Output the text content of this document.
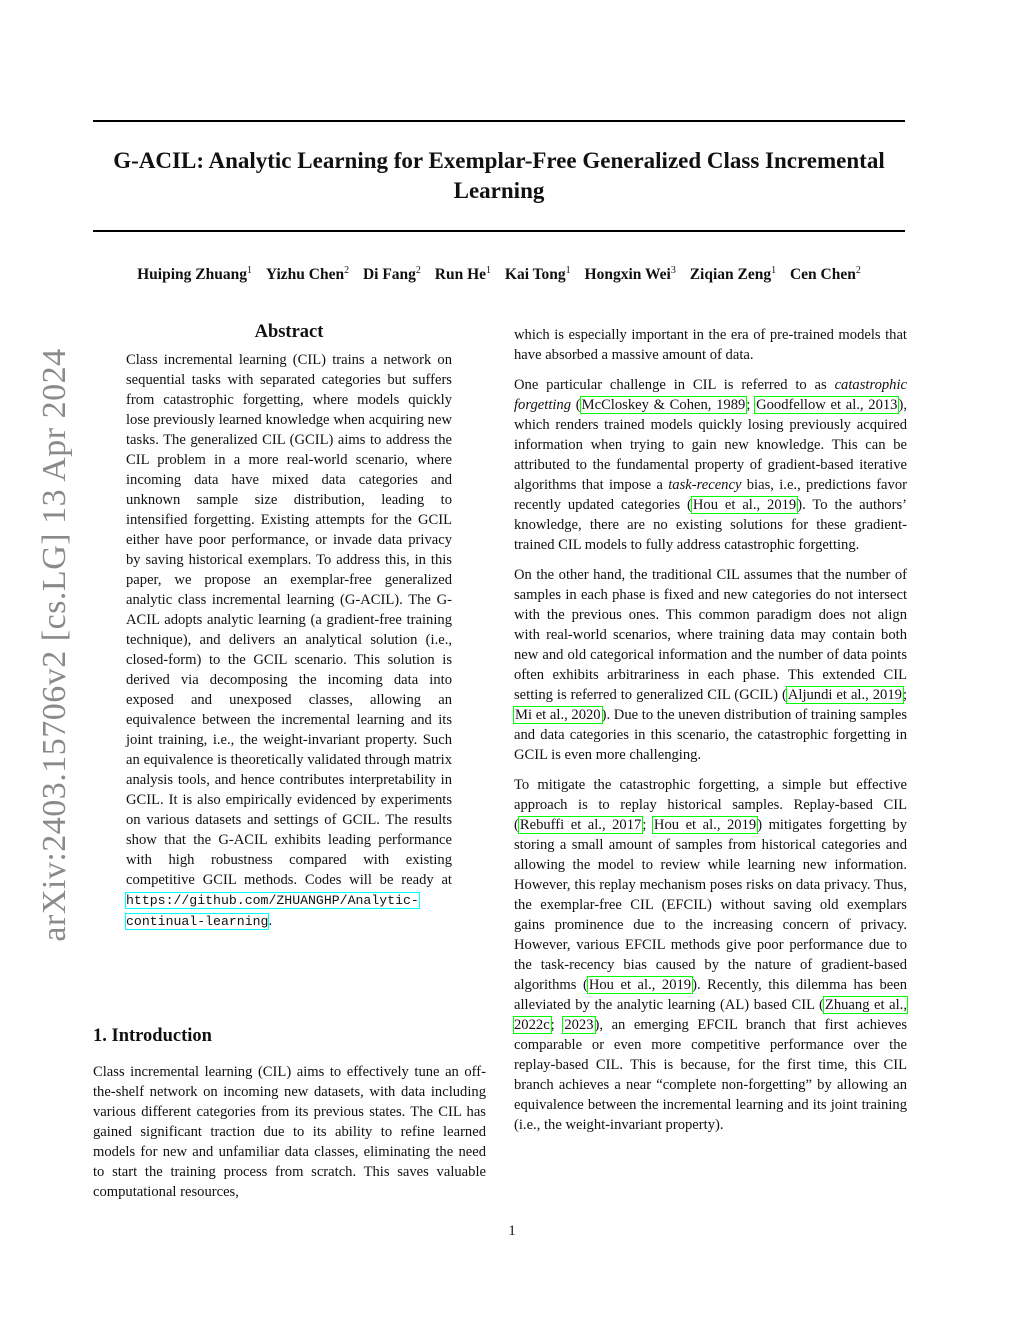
G-ACIL: Analytic Learning for Exemplar-Free Generalized Class Incremental Learning
Huiping Zhuang$^1$ Yizhu Chen$^2$ Di Fang$^2$ Run He$^1$ Kai Tong$^1$ Hongxin Wei$^3$ Ziqian Zeng$^1$ Cen Chen$^2$
arXiv:2403.15706v2 [cs.LG] 13 Apr 2024
Abstract

Class incremental learning (CIL) trains a network on sequential tasks with separated categories but suffers from catastrophic forgetting, where models quickly lose previously learned knowledge when acquiring new tasks. The generalized CIL (GCIL) aims to address the CIL problem in a more real-world scenario, where incoming data have mixed data categories and unknown sample size distribution, leading to intensified forgetting. Existing attempts for the GCIL either have poor performance, or invade data privacy by saving historical exemplars. To address this, in this paper, we propose an exemplar-free generalized analytic class incremental learning (G-ACIL). The G-ACIL adopts analytic learning (a gradient-free training technique), and delivers an analytical solution (i.e., closed-form) to the GCIL scenario. This solution is derived via decomposing the incoming data into exposed and unexposed classes, allowing an equivalence between the incremental learning and its joint training, i.e., the weight-invariant property. Such an equivalence is theoretically validated through matrix analysis tools, and hence contributes interpretability in GCIL. It is also empirically evidenced by experiments on various datasets and settings of GCIL. The results show that the G-ACIL exhibits leading performance with high robustness compared with existing competitive GCIL methods. Codes will be ready at https://github.com/ZHUANGHP/Analytic-continual-learning.

1. Introduction

Class incremental learning (CIL) aims to effectively tune an off-the-shelf network on incoming new datasets, with data including various different categories from its previous states. The CIL has gained significant traction due to its ability to refine learned models for new and unfamiliar data classes, eliminating the need to start the training process from scratch. This saves valuable computational resources,

which is especially important in the era of pre-trained models that have absorbed a massive amount of data.

One particular challenge in CIL is referred to as catastrophic forgetting (McCloskey & Cohen, 1989; Goodfellow et al., 2013), which renders trained models quickly losing previously acquired information when trying to gain new knowledge. This can be attributed to the fundamental property of gradient-based iterative algorithms that impose a task-recency bias, i.e., predictions favor recently updated categories (Hou et al., 2019). To the authors’ knowledge, there are no existing solutions for these gradient-trained CIL models to fully address catastrophic forgetting.

On the other hand, the traditional CIL assumes that the number of samples in each phase is fixed and new categories do not intersect with the previous ones. This common paradigm does not align with real-world scenarios, where training data may contain both new and old categorical information and the number of data points often exhibits arbitrariness in each phase. This extended CIL setting is referred to generalized CIL (GCIL) (Aljundi et al., 2019; Mi et al., 2020). Due to the uneven distribution of training samples and data categories in this scenario, the catastrophic forgetting in GCIL is even more challenging.

To mitigate the catastrophic forgetting, a simple but effective approach is to replay historical samples. Replay-based CIL (Rebuffi et al., 2017; Hou et al., 2019) mitigates forgetting by storing a small amount of samples from historical categories and allowing the model to review while learning new information. However, this replay mechanism poses risks on data privacy. Thus, the exemplar-free CIL (EFCIL) without saving old exemplars gains prominence due to the increasing concern of privacy. However, various EFCIL methods give poor performance due to the task-recency bias caused by the nature of gradient-based algorithms (Hou et al., 2019). Recently, this dilemma has been alleviated by the analytic learning (AL) based CIL (Zhuang et al., 2022c; 2023), an emerging EFCIL branch that first achieves comparable or even more competitive performance over the replay-based CIL. This is because, for the first time, this CIL branch achieves a near “complete non-forgetting” by allowing an equivalence between the incremental learning and its joint training (i.e., the weight-invariant property).

1
